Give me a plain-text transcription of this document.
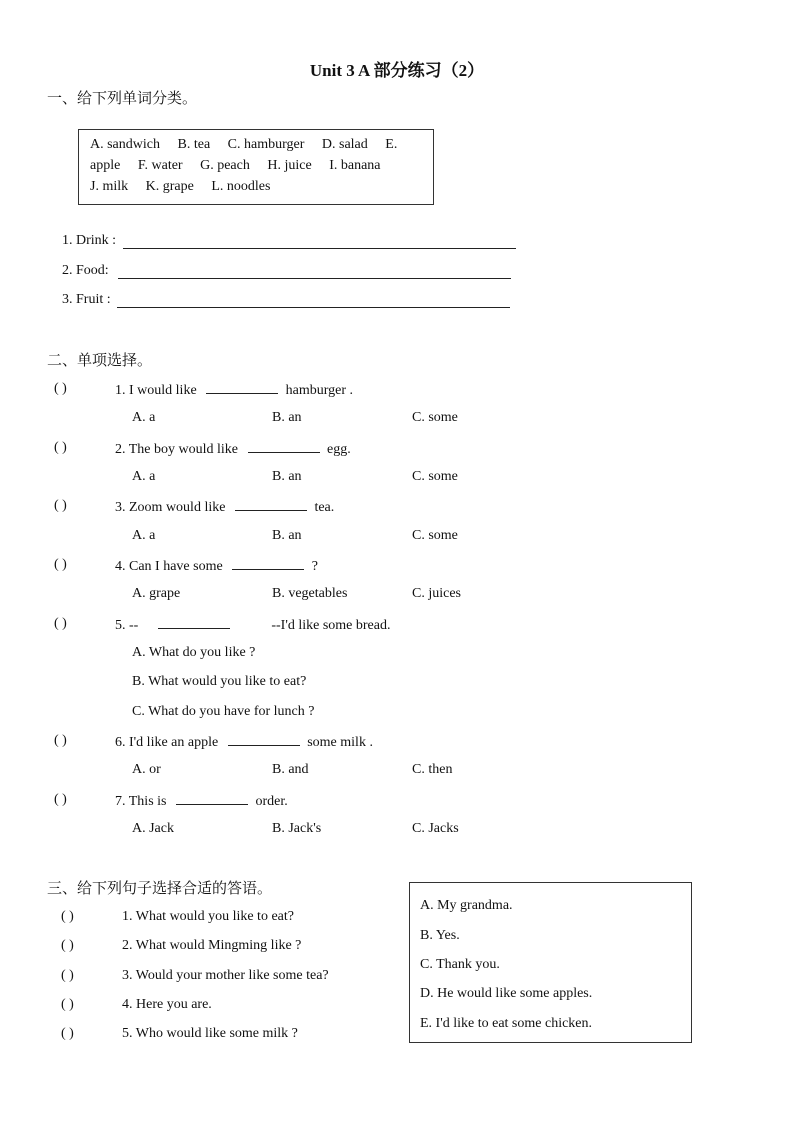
Unit 3 A 部分练习（2）
一、给下列单词分类。
A. sandwich B. tea C. hamburger D. salad E.
apple F. water G. peach H. juice I. banana
J. milk K. grape L. noodles
1. Drink :
2. Food:
3. Fruit :
二、单项选择。
( )	1. I would like	hamburger .
A. a	B. an	C. some
( )	2. The boy would like	egg.
A. a	B. an	C. some
( )	3. Zoom would like	tea.
A. a	B. an	C. some
( )	4. Can I have some	?
A. grape	B. vegetables	C. juices
( )	5. --	--I'd like some bread.
A. What do you like ?
B. What would you like to eat?
C. What do you have for lunch ?
( )	6. I'd like an apple	some milk .
A. or	B. and	C. then
( )	7. This is	order.
A. Jack	B. Jack's	C. Jacks
三、给下列句子选择合适的答语。
( )	1. What would you like to eat?
( )	2. What would Mingming like ?
( )	3. Would your mother like some tea?
( )	4. Here you are.
( )	5. Who would like some milk ?
A. My grandma.
B. Yes.
C. Thank you.
D. He would like some apples.
E. I'd like to eat some chicken.
